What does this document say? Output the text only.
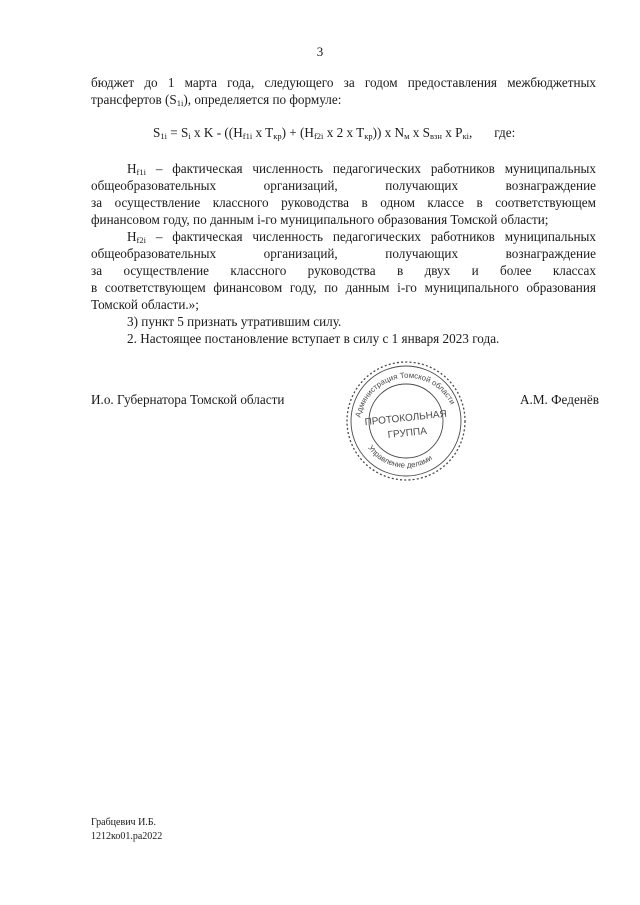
3

бюджет до 1 марта года, следующего за годом предоставления межбюджетных

трансфертов $(S_{1i})$, определяется по формуле:

$S_{1i} = S_i$ x K - (($H_{f1i}$ x $T_{кр}) + (H_{f2i}$ x 2 x $T_{кр}$)) x $N_м$ x $S_{взн}$ x $P_{кi}$, где:

$H_{f1i}$ – фактическая численность педагогических работников муниципальных

общеобразовательных организаций, получающих вознаграждение

за осуществление классного руководства в одном классе в соответствующем

финансовом году, по данным i-го муниципального образования Томской области;

$H_{f2i}$ – фактическая численность педагогических работников муниципальных

общеобразовательных организаций, получающих вознаграждение

за осуществление классного руководства в двух и более классах

в соответствующем финансовом году, по данным i-го муниципального образования

Томской области.»;

3) пункт 5 признать утратившим силу.

2. Настоящее постановление вступает в силу с 1 января 2023 года.

И.о. Губернатора Томской области
Администрация Томской области
Управление делами
ПРОТОКОЛЬНАЯ
ГРУППА
А.М. Феденёв
Грабцевич И.Б.
1212ко01.ра2022
